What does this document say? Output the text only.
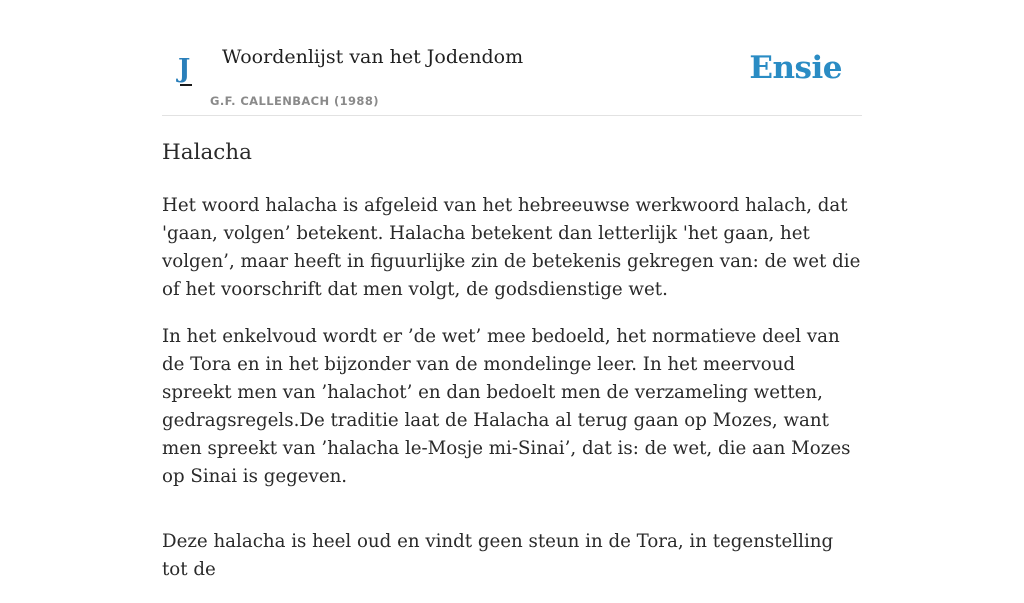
J Woordenlijst van het Jodendom
G.F. CALLENBACH (1988)
Ensie
Halacha

Het woord halacha is afgeleid van het hebreeuwse werkwoord halach, dat 'gaan, volgen’ betekent. Halacha betekent dan letterlijk 'het gaan, het volgen’, maar heeft in figuurlijke zin de betekenis gekregen van: de wet die of het voorschrift dat men volgt, de godsdienstige wet.

In het enkelvoud wordt er ’de wet’ mee bedoeld, het normatieve deel van de Tora en in het bijzonder van de mondelinge leer. In het meervoud spreekt men van ’halachot’ en dan bedoelt men de verzameling wetten, gedragsregels.De traditie laat de Halacha al terug gaan op Mozes, want men spreekt van ’halacha le-Mosje mi-Sinai’, dat is: de wet, die aan Mozes op Sinai is gegeven.

Deze halacha is heel oud en vindt geen steun in de Tora, in tegenstelling tot de
